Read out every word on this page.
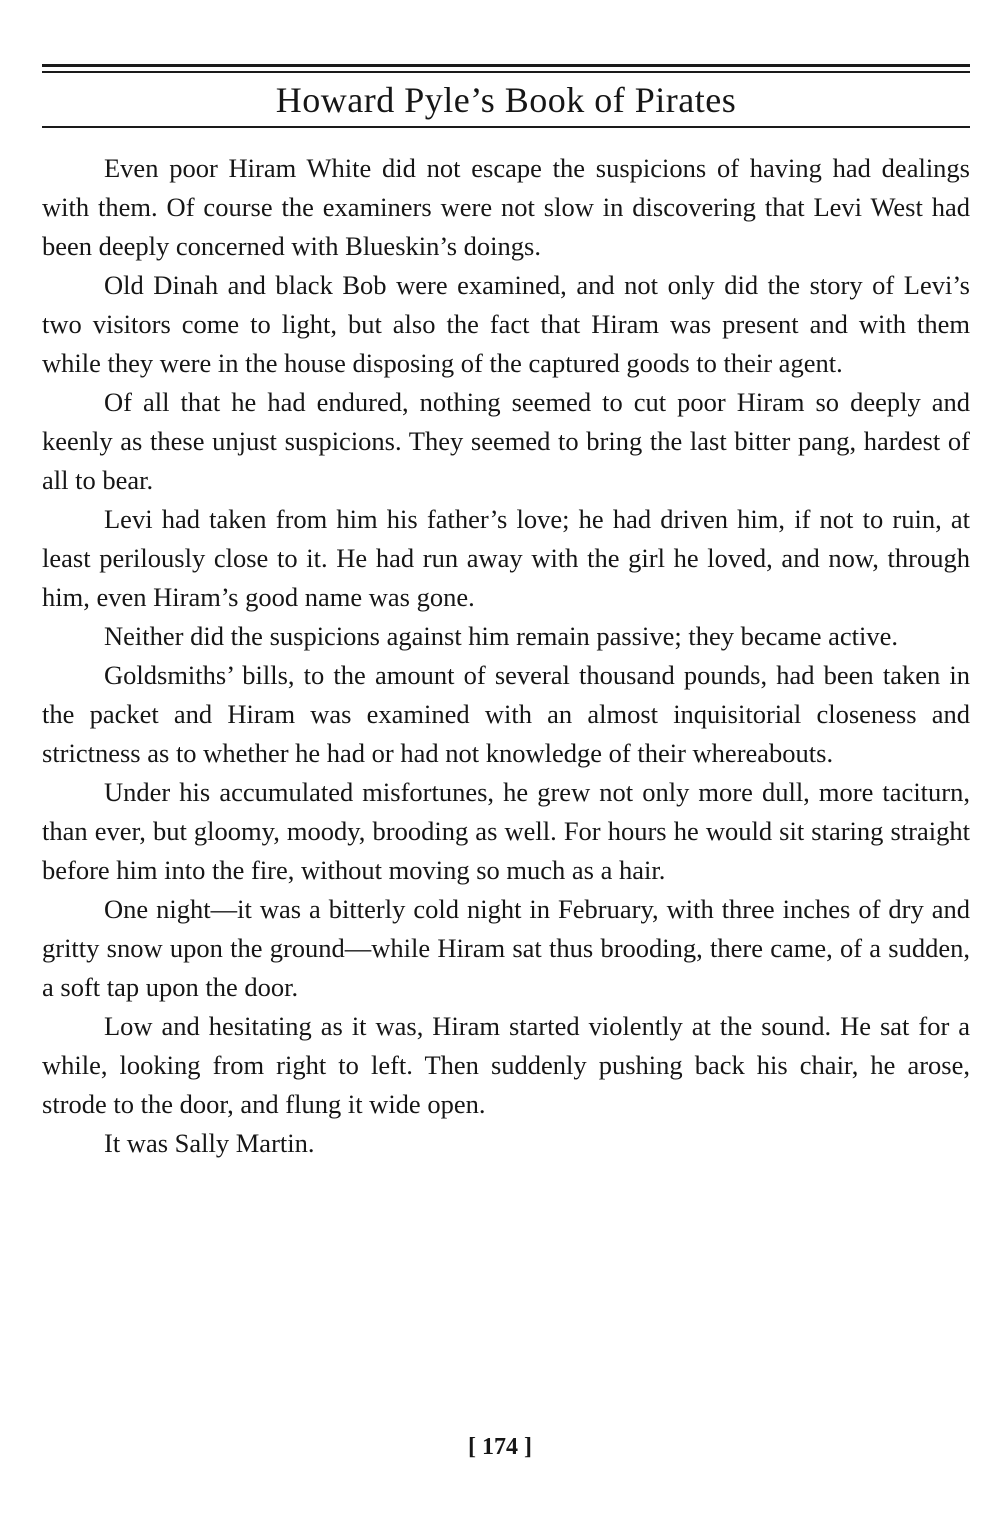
Howard Pyle’s Book of Pirates

Even poor Hiram White did not escape the suspicions of having had dealings with them. Of course the examiners were not slow in discovering that Levi West had been deeply concerned with Blueskin’s doings.

Old Dinah and black Bob were examined, and not only did the story of Levi’s two visitors come to light, but also the fact that Hiram was present and with them while they were in the house disposing of the captured goods to their agent.

Of all that he had endured, nothing seemed to cut poor Hiram so deeply and keenly as these unjust suspicions. They seemed to bring the last bitter pang, hardest of all to bear.

Levi had taken from him his father’s love; he had driven him, if not to ruin, at least perilously close to it. He had run away with the girl he loved, and now, through him, even Hiram’s good name was gone.

Neither did the suspicions against him remain passive; they became active.

Goldsmiths’ bills, to the amount of several thousand pounds, had been taken in the packet and Hiram was examined with an almost inquisitorial closeness and strictness as to whether he had or had not knowledge of their whereabouts.

Under his accumulated misfortunes, he grew not only more dull, more taciturn, than ever, but gloomy, moody, brooding as well. For hours he would sit staring straight before him into the fire, without moving so much as a hair.

One night—it was a bitterly cold night in February, with three inches of dry and gritty snow upon the ground—while Hiram sat thus brooding, there came, of a sudden, a soft tap upon the door.

Low and hesitating as it was, Hiram started violently at the sound. He sat for a while, looking from right to left. Then suddenly pushing back his chair, he arose, strode to the door, and flung it wide open.

It was Sally Martin.

[ 174 ]
